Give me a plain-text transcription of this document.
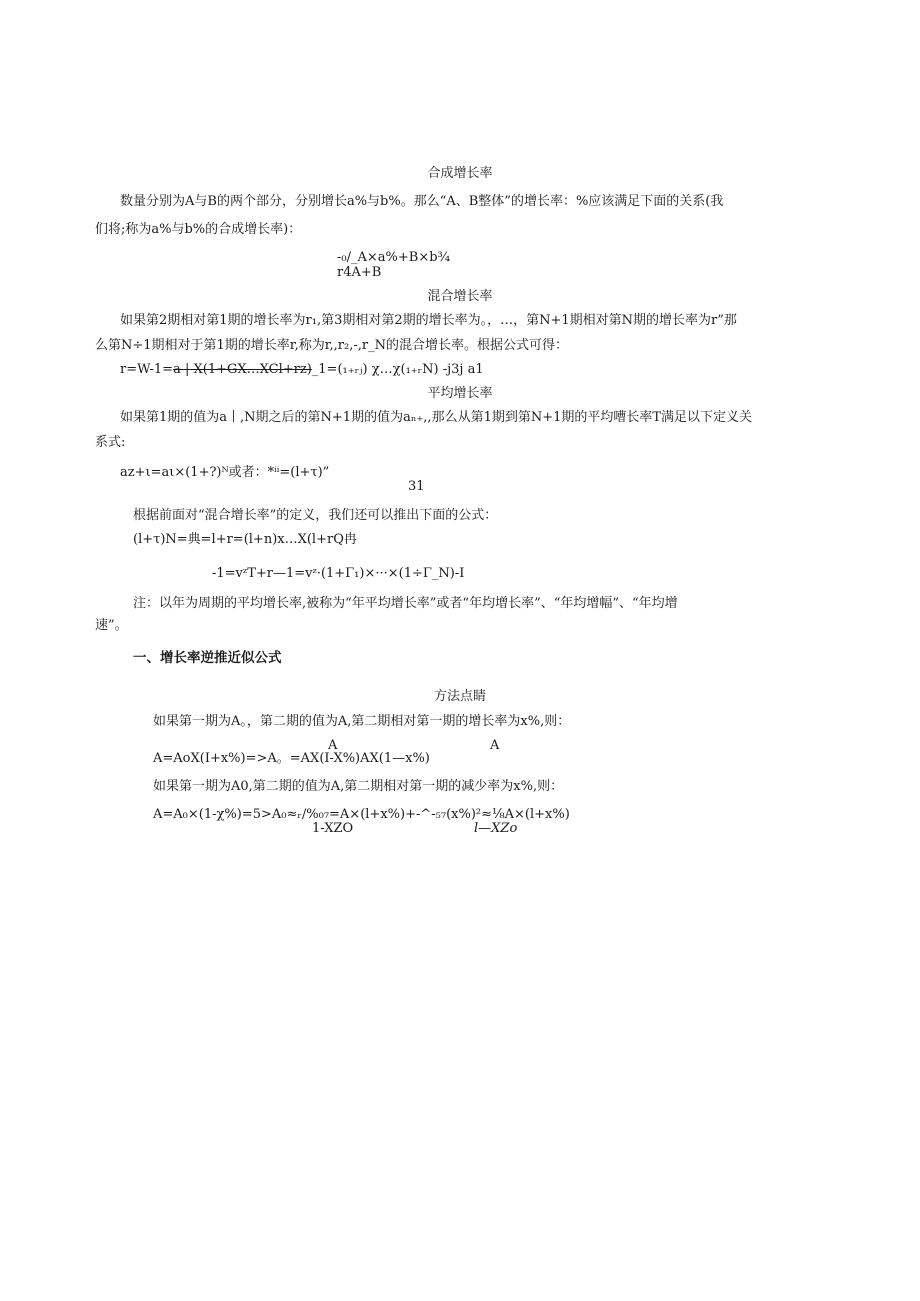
合成增长率
数量分别为A与B的两个部分，分别增长a%与b%。那么“A、B整体”的增长率：%应该满足下面的关系(我
们将;称为a%与b%的合成增长率)：
-₀/_A×a%+B×b¾
r4A+B
混合增长率
如果第2期相对第1期的增长率为r₁,第3期相对第2期的增长率为。，…，第N+1期相对第N期的增长率为r”那
么第N÷1期相对于第1期的增长率r,称为r,,r₂,-,r_N的混合增长率。根据公式可得：
r=W-1=a | X(1+GX…XCl+rz)_1=(₁₊ᵣⱼ) χ…χ(₁₊ᵣN) -j3j a1
平均增长率
如果第1期的值为a丨,N期之后的第N+1期的值为aₙ₊,,那么从第1期到第N+1期的平均嘈长率T满足以下定义关
系式:
az+ι=aι×(1+?)ᴺ或者：*ⁱⁱ=(l+τ)”
31
根据前面对“混合增长率”的定义，我们还可以推出下面的公式：
(l+τ)N=典=l+r=(l+n)x…X(l+rQ冉
-1=vᶻT+r—1=vᶻ·(1+Γ₁)×···×(1÷Γ_N)-I
注：以年为周期的平均增长率,被称为“年平均增长率”或者“年均增长率”、“年均增幅”、“年均增
速”。
一、增长率逆推近似公式
方法点睛
如果第一期为A。，第二期的值为A,第二期相对第一期的增长率为x%,则：
A	A
A=AoX(I+x%)=>A。=AX(I-X%)AX(1—x%)
如果第一期为A0,第二期的值为A,第二期相对第一期的减少率为x%,则：
A=A₀×(1-χ%)=5>A₀≈ᵣ/%₀₇=A×(l+x%)+-^-₅₇(x%)²≈⅛A×(l+x%)
1-XZO	l—XZo
